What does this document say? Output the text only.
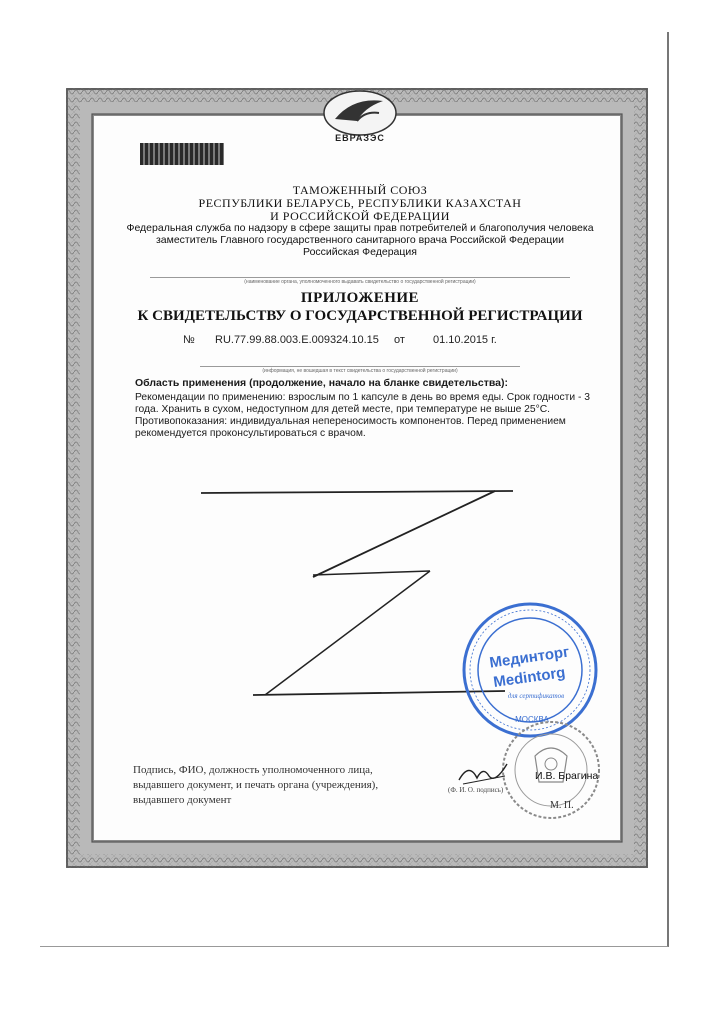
ЕВРАЗЭС
ТАМОЖЕННЫЙ СОЮЗ
РЕСПУБЛИКИ БЕЛАРУСЬ, РЕСПУБЛИКИ КАЗАХСТАН
И РОССИЙСКОЙ ФЕДЕРАЦИИ
Федеральная служба по надзору в сфере защиты прав потребителей и благополучия человека
заместитель Главного государственного санитарного врача Российской Федерации
Российская Федерация
(наименование органа, уполномоченного выдавать свидетельство о государственной регистрации)
ПРИЛОЖЕНИЕ
К СВИДЕТЕЛЬСТВУ О ГОСУДАРСТВЕННОЙ РЕГИСТРАЦИИ
№ RU.77.99.88.003.E.009324.10.15 от	01.10.2015 г.
(информация, не вошедшая в текст свидетельства о государственной регистрации)
Область применения (продолжение, начало на бланке свидетельства):
Рекомендации по применению: взрослым по 1 капсуле в день во время еды. Срок годности - 3 года. Хранить в сухом, недоступном для детей месте, при температуре не выше 25°С. Противопоказания: индивидуальная непереносимость компонентов. Перед применением рекомендуется проконсультироваться с врачом.
Мединторг
Medintorg
для сертификатов
МОСКВА
Подпись, ФИО, должность уполномоченного лица, выдавшего документ, и печать органа (учреждения), выдавшего документ
И.В. Брагина
(Ф. И. О. подпись)
М. П.
